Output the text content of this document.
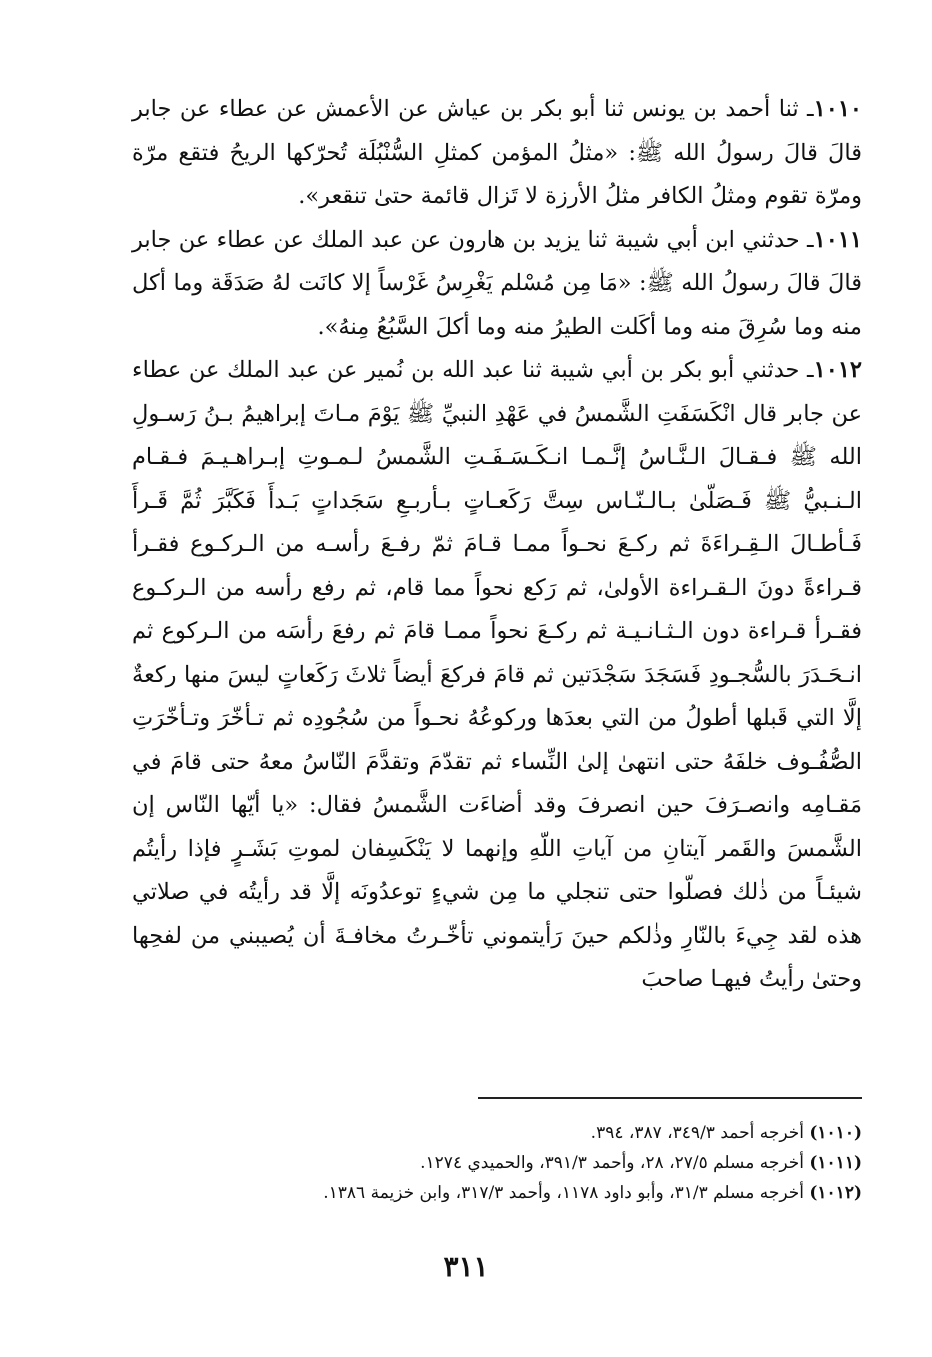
١٠١٠ـ ثنا أحمد بن يونس ثنا أبو بكر بن عياش عن الأعمش عن عطاء عن جابر قالَ قالَ رسولُ الله ﷺ: «مثلُ المؤمن كمثلِ السُّنْبُلَة تُحرّكها الريحُ فتقع مرّة ومرّة تقوم ومثلُ الكافر مثلُ الأرزة لا تَزال قائمة حتىٰ تنقعر».

١٠١١ـ حدثني ابن أبي شيبة ثنا يزيد بن هارون عن عبد الملك عن عطاء عن جابر قالَ قالَ رسولُ الله ﷺ: «مَا مِن مُسْلم يَغْرِسُ غَرْساً إلا كانَت لهُ صَدَقَة وما أكل منه وما سُرِقَ منه وما أكَلت الطيرُ منه وما أكلَ السَّبُعُ مِنهُ».

١٠١٢ـ حدثني أبو بكر بن أبي شيبة ثنا عبد الله بن نُمير عن عبد الملك عن عطاء عن جابر قال انْكَسَفَتِ الشَّمسُ في عَهْدِ النبيِّ ﷺ يَوْمَ مـاتَ إبراهيمُ بـنُ رَسـولِ الله ﷺ فـقـالَ الـنَّـاسُ إنَّـمـا انـكَـسَـفَـتِ الشَّمسُ لـمـوتِ إبـراهـيـمَ فـقـام الـنـبيُّ ﷺ فَـصَلّىٰ بـالـنّـاس سِتَّ رَكَعـاتٍ بـأربـعِ سَجَداتٍ بَـدأَ فَكَبَّرَ ثُمَّ قَـرأَ فَـأطـالَ الـقِـراءَةَ ثم ركـعَ نحـواً ممـا قـامَ ثمّ رفـعَ رأسـه من الـركـوع فقـرأ قـراءةً دونَ الـقـراءة الأولىٰ، ثم رَكع نحواً مما قام، ثم رفع رأسه من الـركـوع فقـرأ قـراءة دون الـثـانـيـة ثم ركـعَ نحواً ممـا قامَ ثم رفعَ رأسَه من الـركوع ثم انـحَـدَرَ بالسُّجـودِ فَسَجَدَ سَجْدَتين ثم قامَ فركعَ أيضاً ثلاثَ رَكَعاتٍ ليسَ منها ركعةٌ إلَّا التي قَبلها أطولُ من التي بعدَها وركوعُهُ نحـواً من سُجُودِه ثم تـأخّرَ وتـأخّرَتِ الصُّفُـوف خلفَهُ حتى انتهىٰ إلىٰ النِّساء ثم تقدّمَ وتقدَّمَ النّاسُ معهُ حتى قامَ في مَقـامِه وانصـرَفَ حين انصرفَ وقد أضاءَت الشَّمسُ فقال: «يا أيّها النّاس إن الشَّمسَ والقَمر آيتانِ من آياتِ اللّهِ وإنهما لا يَنْكَسِفان لموتِ بَشَـرٍ فإذا رأيتُم شيئـاً من ذٰلك فصلّوا حتى تنجلي ما مِن شيءٍ توعدُونَه إلَّا قد رأيتُه في صلاتي هذه لقد جِيءَ بالنّارِ وذٰلكم حينَ رَأيتموني تأخّـرتُ مخافـةَ أن يُصيبني من لفحِها وحتىٰ رأيتُ فيهـا صاحبَ

(١٠١٠) أخرجه أحمد ٣٤٩/٣، ٣٨٧، ٣٩٤.

(١٠١١) أخرجه مسلم ٢٧/٥، ٢٨، وأحمد ٣٩١/٣، والحميدي ١٢٧٤.

(١٠١٢) أخرجه مسلم ٣١/٣، وأبو داود ١١٧٨، وأحمد ٣١٧/٣، وابن خزيمة ١٣٨٦.

٣١١
